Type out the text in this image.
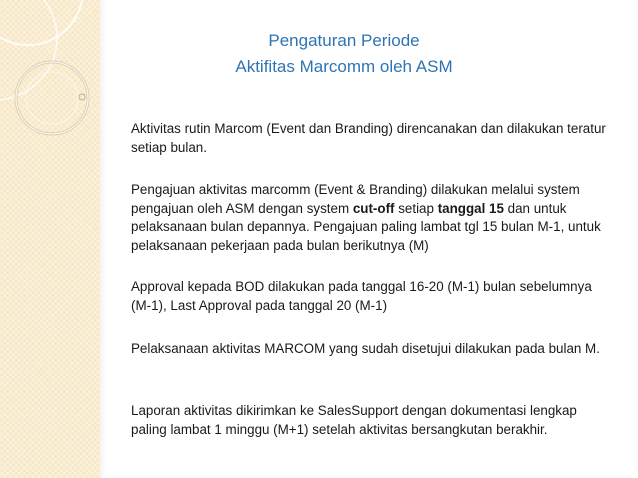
Pengaturan Periode
Aktifitas Marcomm oleh ASM
Aktivitas rutin Marcom (Event dan Branding) direncanakan dan dilakukan teratur setiap bulan.
Pengajuan aktivitas marcomm (Event & Branding) dilakukan melalui system pengajuan oleh ASM dengan system cut-off setiap tanggal 15 dan untuk pelaksanaan bulan depannya. Pengajuan paling lambat tgl 15 bulan M-1, untuk pelaksanaan pekerjaan pada bulan berikutnya (M)
Approval kepada BOD dilakukan pada tanggal 16-20 (M-1) bulan sebelumnya (M-1), Last Approval pada tanggal 20 (M-1)
Pelaksanaan aktivitas MARCOM yang sudah disetujui dilakukan pada bulan M.
Laporan aktivitas dikirimkan ke SalesSupport dengan dokumentasi lengkap paling lambat 1 minggu (M+1) setelah aktivitas bersangkutan berakhir.
